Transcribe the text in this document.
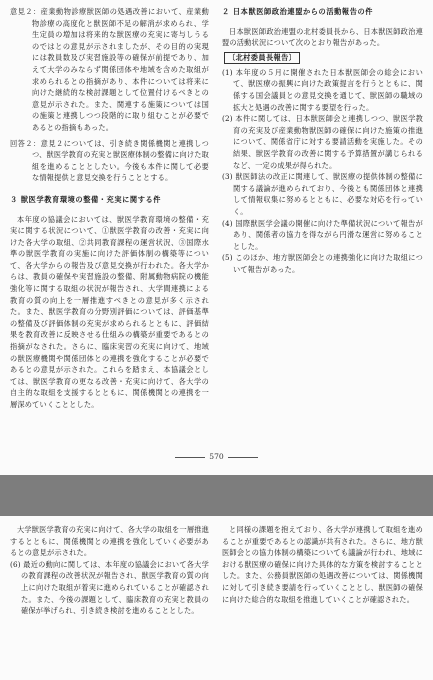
意見２：産業動物診療獣医師の処遇改善において、産業動物診療の高度化と獣医師不足の解消が求められ、学生定員の増加は将来的な獣医療の充実に寄与しうるのではとの意見が示されましたが、その目的の実現には教員数及び実習施設等の確保が前提であり、加えて大学のみならず関係団体や地域を含めた取組が求められるとの指摘があり、本件については将来に向けた継続的な検討課題として位置付けるべきとの意見が示された。また、関連する施策については国の施策と連携しつつ段階的に取り組むことが必要であるとの指摘もあった。

回答２：意見２については、引き続き関係機関と連携しつつ、獣医学教育の充実と獣医療体制の整備に向けた取組を進めることとしたい。今後も本件に関して必要な情報提供と意見交換を行うこととする。

３ 獣医学教育環境の整備・充実に関する件

本年度の協議会においては、獣医学教育環境の整備・充実に関する状況について、①獣医学教育の改善・充実に向けた各大学の取組、②共同教育課程の運営状況、③国際水準の獣医学教育の実施に向けた評価体制の構築等について、各大学からの報告及び意見交換が行われた。各大学からは、教員の確保や実習施設の整備、附属動物病院の機能強化等に関する取組の状況が報告され、大学間連携による教育の質の向上を一層推進すべきとの意見が多く示された。また、獣医学教育の分野別評価については、評価基準の整備及び評価体制の充実が求められるとともに、評価結果を教育改善に反映させる仕組みの構築が重要であるとの指摘がなされた。さらに、臨床実習の充実に向けて、地域の獣医療機関や関係団体との連携を強化することが必要であるとの意見が示された。これらを踏まえ、本協議会としては、獣医学教育の更なる改善・充実に向けて、各大学の自主的な取組を支援するとともに、関係機関との連携を一層深めていくこととした。

２ 日本獣医師政治連盟からの活動報告の件

日本獣医師政治連盟の北村委員長から、日本獣医師政治連盟の活動状況について次のとおり報告があった。

〔北村委員長報告〕

(1) 本年度の５月に開催された日本獣医師会の総会において、獣医療の振興に向けた政策提言を行うとともに、関係する国会議員との意見交換を通じて、獣医師の職域の拡大と処遇の改善に関する要望を行った。

(2) 本件に関しては、日本獣医師会と連携しつつ、獣医学教育の充実及び産業動物獣医師の確保に向けた施策の推進について、関係省庁に対する要請活動を実施した。その結果、獣医学教育の改善に関する予算措置が講じられるなど、一定の成果が得られた。

(3) 獣医師法の改正に関連して、獣医療の提供体制の整備に関する議論が進められており、今後とも関係団体と連携して情報収集に努めるとともに、必要な対応を行っていく。

(4) 国際獣医学会議の開催に向けた準備状況について報告があり、関係者の協力を得ながら円滑な運営に努めることとした。

(5) このほか、地方獣医師会との連携強化に向けた取組について報告があった。

570

大学獣医学教育の充実に向けて、各大学の取組を一層推進するとともに、関係機関との連携を強化していく必要があるとの意見が示された。

(6) 最近の動向に関しては、本年度の協議会において各大学の教育課程の改善状況が報告され、獣医学教育の質の向上に向けた取組が着実に進められていることが確認された。また、今後の課題として、臨床教育の充実と教員の確保が挙げられ、引き続き検討を進めることとした。

と同様の課題を抱えており、各大学が連携して取組を進めることが重要であるとの認識が共有された。さらに、地方獣医師会との協力体制の構築についても議論が行われ、地域における獣医療の確保に向けた具体的な方策を検討することとした。また、公務員獣医師の処遇改善については、関係機関に対して引き続き要請を行っていくこととし、獣医師の確保に向けた総合的な取組を推進していくことが確認された。
